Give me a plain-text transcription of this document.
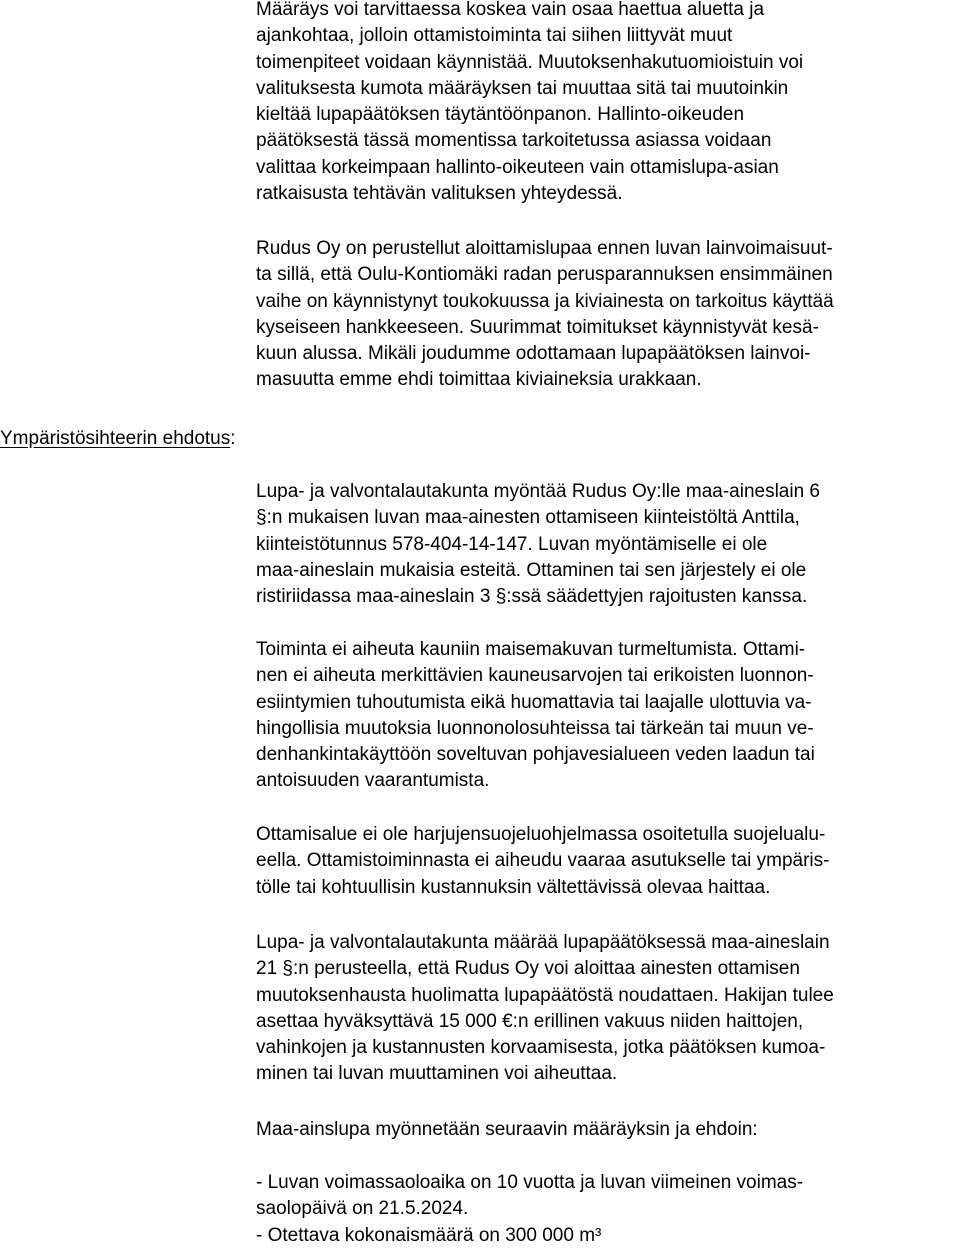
Ympäristösihteerin ehdotus:
Määräys voi tarvittaessa koskea vain osaa haettua aluetta ja
ajankohtaa, jolloin ottamistoiminta tai siihen liittyvät muut
toimenpiteet voidaan käynnistää. Muutoksenhakutuomioistuin voi
valituksesta kumota määräyksen tai muuttaa sitä tai muutoinkin
kieltää lupapäätöksen täytäntöönpanon. Hallinto-oikeuden
päätöksestä tässä momentissa tarkoitetussa asiassa voidaan
valittaa korkeimpaan hallinto-oikeuteen vain ottamislupa-asian
ratkaisusta tehtävän valituksen yhteydessä.
Rudus Oy on perustellut aloittamislupaa ennen luvan lainvoimaisuut-
ta sillä, että Oulu-Kontiomäki radan perusparannuksen ensimmäinen
vaihe on käynnistynyt toukokuussa ja kiviainesta on tarkoitus käyttää
kyseiseen hankkeeseen. Suurimmat toimitukset käynnistyvät kesä-
kuun alussa. Mikäli joudumme odottamaan lupapäätöksen lainvoi-
masuutta emme ehdi toimittaa kiviaineksia urakkaan.
Lupa- ja valvontalautakunta myöntää Rudus Oy:lle maa-aineslain 6
§:n mukaisen luvan maa-ainesten ottamiseen kiinteistöltä Anttila,
kiinteistötunnus 578-404-14-147. Luvan myöntämiselle ei ole
maa-aineslain mukaisia esteitä. Ottaminen tai sen järjestely ei ole
ristiriidassa maa-aineslain 3 §:ssä säädettyjen rajoitusten kanssa.
Toiminta ei aiheuta kauniin maisemakuvan turmeltumista. Ottami-
nen ei aiheuta merkittävien kauneusarvojen tai erikoisten luonnon-
esiintymien tuhoutumista eikä huomattavia tai laajalle ulottuvia va-
hingollisia muutoksia luonnonolosuhteissa tai tärkeän tai muun ve-
denhankintakäyttöön soveltuvan pohjavesialueen veden laadun tai
antoisuuden vaarantumista.
Ottamisalue ei ole harjujensuojeluohjelmassa osoitetulla suojelualu-
eella. Ottamistoiminnasta ei aiheudu vaaraa asutukselle tai ympäris-
tölle tai kohtuullisin kustannuksin vältettävissä olevaa haittaa.
Lupa- ja valvontalautakunta määrää lupapäätöksessä maa-aineslain
21 §:n perusteella, että Rudus Oy voi aloittaa ainesten ottamisen
muutoksenhausta huolimatta lupapäätöstä noudattaen. Hakijan tulee
asettaa hyväksyttävä 15 000 €:n erillinen vakuus niiden haittojen,
vahinkojen ja kustannusten korvaamisesta, jotka päätöksen kumoa-
minen tai luvan muuttaminen voi aiheuttaa.
Maa-ainslupa myönnetään seuraavin määräyksin ja ehdoin:
- Luvan voimassaoloaika on 10 vuotta ja luvan viimeinen voimas-
saolopäivä on 21.5.2024.
- Otettava kokonaismäärä on 300 000 m³
